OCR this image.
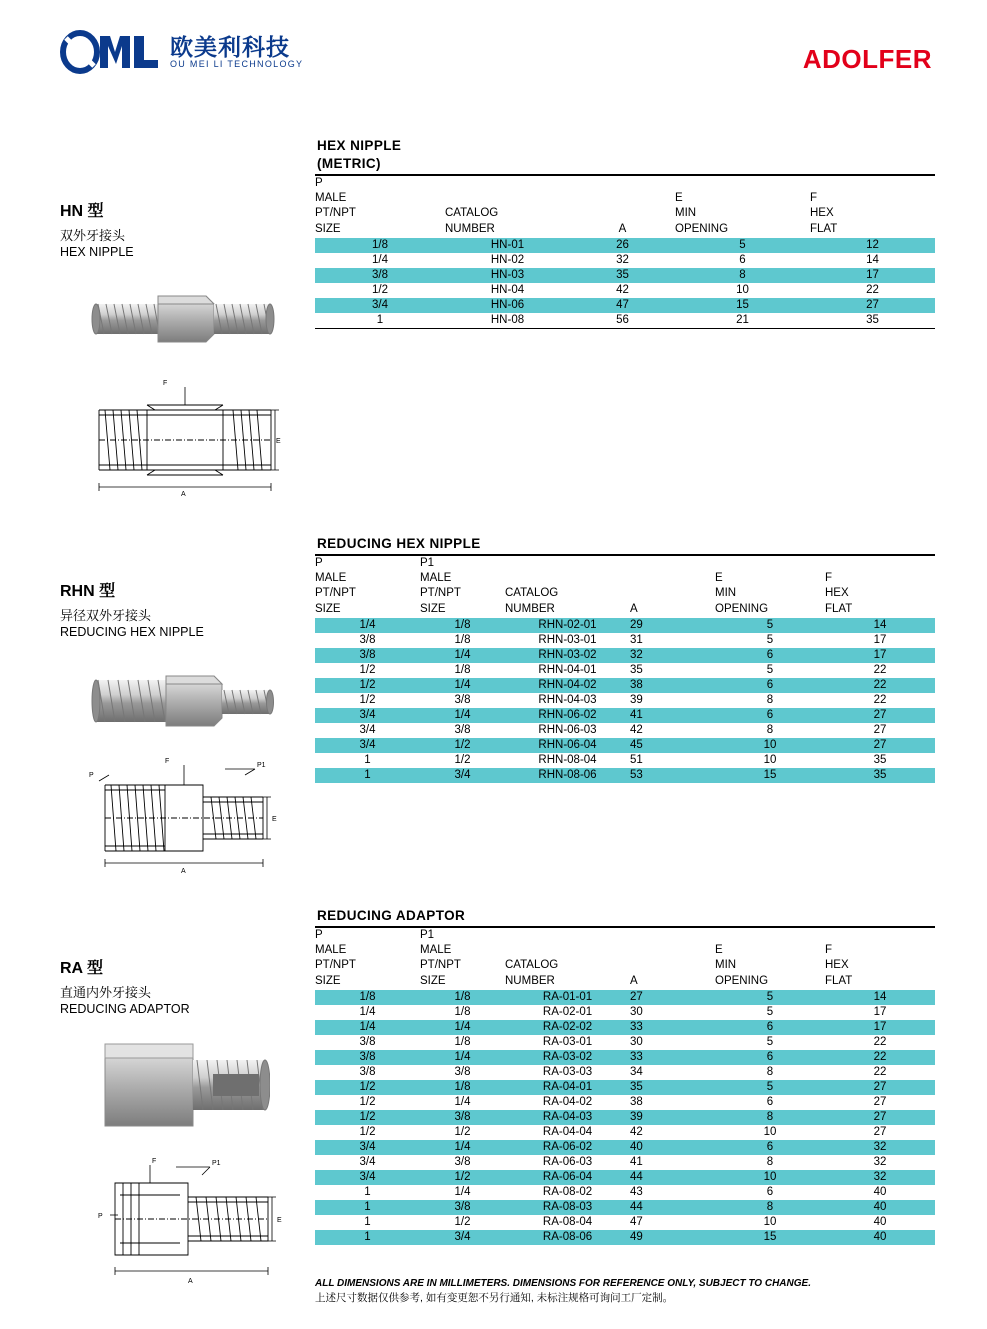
欧美利科技
OU MEI LI TECHNOLOGY	ADOLFER

HN 型

双外牙接头

HEX NIPPLE

F
E
A

HEX NIPPLE

(METRIC)

P
MALE
PT/NPT
SIZE

CATALOG
NUMBER	A

E
MIN
OPENING

F
HEX
FLAT

1/8	HN-01	26	5	12
1/4	HN-02	32	6	14
3/8	HN-03	35	8	17
1/2	HN-04	42	10	22
3/4	HN-06	47	15	27
1	HN-08	56	21	35

RHN 型

异径双外牙接头

REDUCING HEX NIPPLE

P
P1
F
E
A

REDUCING HEX NIPPLE

P
MALE
PT/NPT
SIZE

P1
MALE
PT/NPT
SIZE

CATALOG
NUMBER	A

E
MIN
OPENING

F
HEX
FLAT

1/4	1/8	RHN-02-01	29	5	14
3/8	1/8	RHN-03-01	31	5	17
3/8	1/4	RHN-03-02	32	6	17
1/2	1/8	RHN-04-01	35	5	22
1/2	1/4	RHN-04-02	38	6	22
1/2	3/8	RHN-04-03	39	8	22
3/4	1/4	RHN-06-02	41	6	27
3/4	3/8	RHN-06-03	42	8	27
3/4	1/2	RHN-06-04	45	10	27
1	1/2	RHN-08-04	51	10	35
1	3/4	RHN-08-06	53	15	35

RA 型

直通内外牙接头

REDUCING ADAPTOR

P
P1
F
E
A

REDUCING ADAPTOR

P
MALE
PT/NPT
SIZE

P1
MALE
PT/NPT
SIZE

CATALOG
NUMBER	A

E
MIN
OPENING

F
HEX
FLAT

1/8	1/8	RA-01-01	27	5	14
1/4	1/8	RA-02-01	30	5	17
1/4	1/4	RA-02-02	33	6	17
3/8	1/8	RA-03-01	30	5	22
3/8	1/4	RA-03-02	33	6	22
3/8	3/8	RA-03-03	34	8	22
1/2	1/8	RA-04-01	35	5	27
1/2	1/4	RA-04-02	38	6	27
1/2	3/8	RA-04-03	39	8	27
1/2	1/2	RA-04-04	42	10	27
3/4	1/4	RA-06-02	40	6	32
3/4	3/8	RA-06-03	41	8	32
3/4	1/2	RA-06-04	44	10	32
1	1/4	RA-08-02	43	6	40
1	3/8	RA-08-03	44	8	40
1	1/2	RA-08-04	47	10	40
1	3/4	RA-08-06	49	15	40

ALL DIMENSIONS ARE IN MILLIMETERS. DIMENSIONS FOR REFERENCE ONLY, SUBJECT TO CHANGE.

上述尺寸数据仅供参考, 如有变更恕不另行通知, 未标注规格可询问工厂定制。
